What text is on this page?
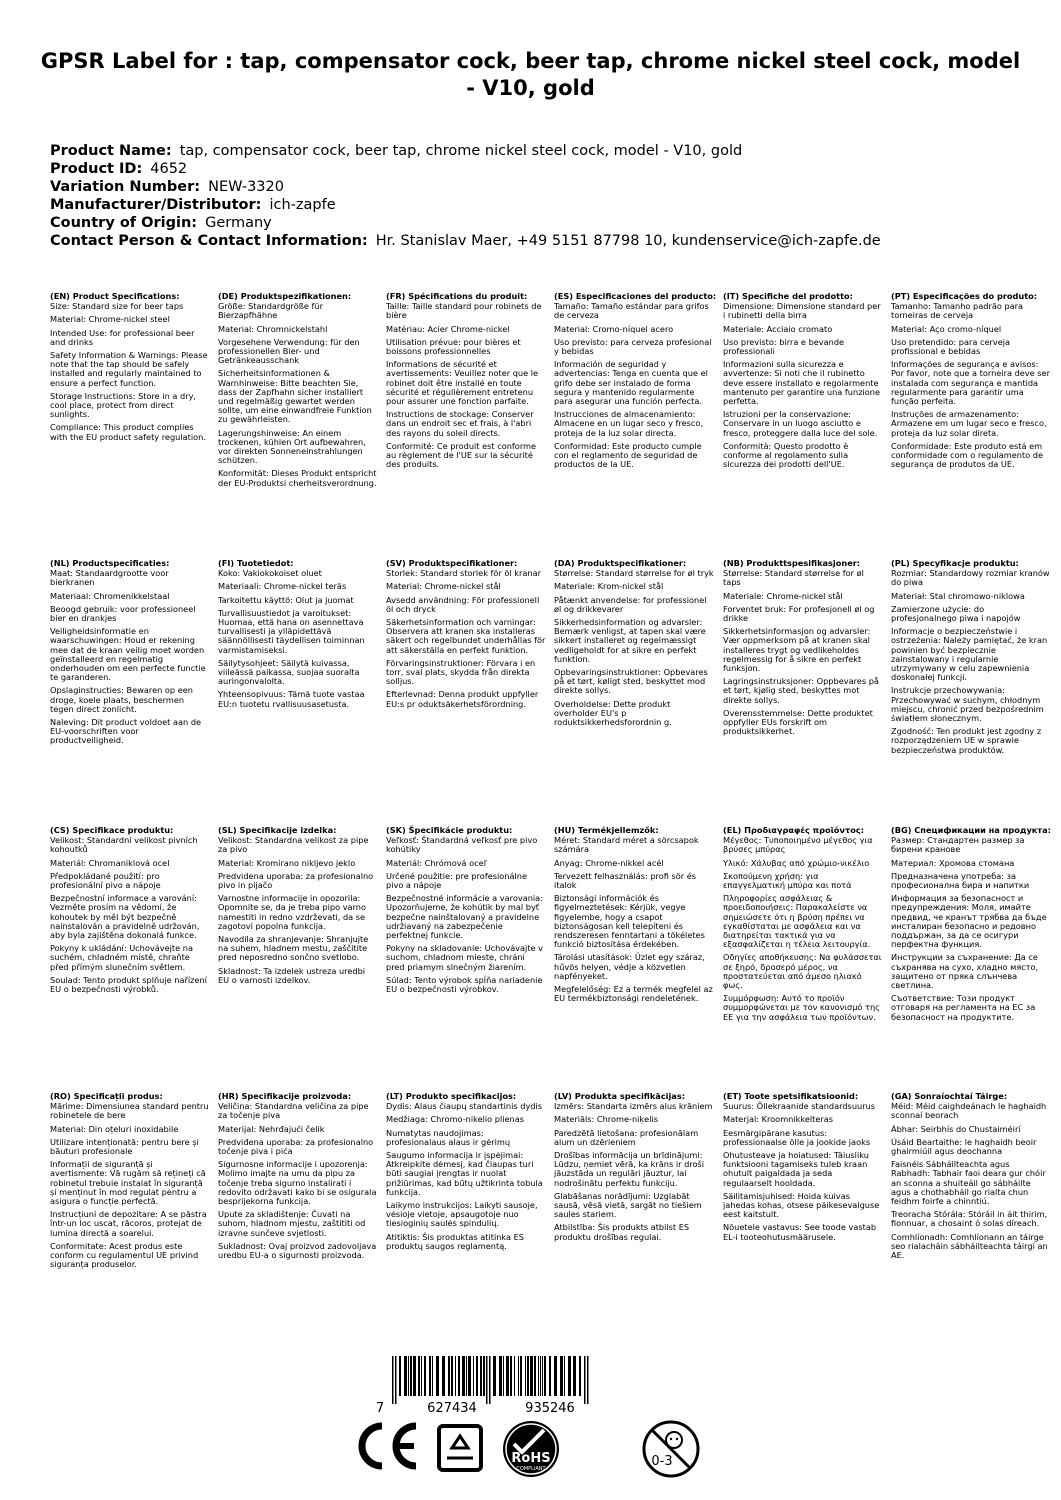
GPSR Label for : tap, compensator cock, beer tap, chrome nickel steel cock, model - V10, gold
Product Name: tap, compensator cock, beer tap, chrome nickel steel cock, model - V10, gold
Product ID: 4652
Variation Number: NEW-3320
Manufacturer/Distributor: ich-zapfe
Country of Origin: Germany
Contact Person & Contact Information: Hr. Stanislav Maer, +49 5151 87798 10, kundenservice@ich-zapfe.de
(EN) Product Specifications:
Size: Standard size for beer taps
Material: Chrome-nickel steel
Intended Use: for professional beer and drinks
Safety Information & Warnings: Please note that the tap should be safely installed and regularly maintained to ensure a perfect function.
Storage Instructions: Store in a dry, cool place, protect from direct sunlights.
Compliance: This product complies with the EU product safety regulation.
(DE) Produktspezifikationen:
Größe: Standardgröße für Bierzapfhähne
Material: Chromnickelstahl
Vorgesehene Verwendung: für den professionellen Bier- und Getränkeausschank
Sicherheitsinformationen & Warnhinweise: Bitte beachten Sie, dass der Zapfhahn sicher installiert und regelmäßig gewartet werden sollte, um eine einwandfreie Funktion zu gewährleisten.
Lagerungshinweise: An einem trockenen, kühlen Ort aufbewahren, vor direkten Sonneneinstrahlungen schützen.
Konformität: Dieses Produkt entspricht der EU-Produktsi cherheitsverordnung.
(FR) Spécifications du produit:
Taille: Taille standard pour robinets de bière
Matériau: Acier Chrome-nickel
Utilisation prévue: pour bières et boissons professionnelles
Informations de sécurité et avertissements: Veuillez noter que le robinet doit être installé en toute sécurité et régulièrement entretenu pour assurer une fonction parfaite.
Instructions de stockage: Conserver dans un endroit sec et frais, à l'abri des rayons du soleil directs.
Conformité: Ce produit est conforme au règlement de l'UE sur la sécurité des produits.
(ES) Especificaciones del producto:
Tamaño: Tamaño estándar para grifos de cerveza
Material: Cromo-níquel acero
Uso previsto: para cerveza profesional y bebidas
Información de seguridad y advertencias: Tenga en cuenta que el grifo debe ser instalado de forma segura y mantenido regularmente para asegurar una función perfecta.
Instrucciones de almacenamiento: Almacene en un lugar seco y fresco, proteja de la luz solar directa.
Conformidad: Este producto cumple con el reglamento de seguridad de productos de la UE.
(IT) Specifiche del prodotto:
Dimensione: Dimensione standard per i rubinetti della birra
Materiale: Acciaio cromato
Uso previsto: birra e bevande professionali
Informazioni sulla sicurezza e avvertenze: Si noti che il rubinetto deve essere installato e regolarmente mantenuto per garantire una funzione perfetta.
Istruzioni per la conservazione: Conservare in un luogo asciutto e fresco, proteggere dalla luce del sole.
Conformità: Questo prodotto è conforme al regolamento sulla sicurezza dei prodotti dell'UE.
(PT) Especificações do produto:
Tamanho: Tamanho padrão para torneiras de cerveja
Material: Aço cromo-níquel
Uso pretendido: para cerveja profissional e bebidas
Informações de segurança e avisos: Por favor, note que a torneira deve ser instalada com segurança e mantida regularmente para garantir uma função perfeita.
Instruções de armazenamento: Armazene em um lugar seco e fresco, proteja da luz solar direta.
Conformidade: Este produto está em conformidade com o regulamento de segurança de produtos da UE.
(NL) Productspecificaties:
Maat: Standaardgrootte voor bierkranen
Materiaal: Chromenikkelstaal
Beoogd gebruik: voor professioneel bier en drankjes
Veiligheidsinformatie en waarschuwingen: Houd er rekening mee dat de kraan veilig moet worden geïnstalleerd en regelmatig onderhouden om een perfecte functie te garanderen.
Opslaginstructies: Bewaren op een droge, koele plaats, beschermen tegen direct zonlicht.
Naleving: Dit product voldoet aan de EU-voorschriften voor productveiligheid.
(FI) Tuotetiedot:
Koko: Vakiokokoiset oluet
Materiaali: Chrome-nickel teräs
Tarkoitettu käyttö: Olut ja juomat
Turvallisuustiedot ja varoitukset: Huomaa, että hana on asennettava turvallisesti ja ylläpidettävä säännöllisesti täydellisen toiminnan varmistamiseksi.
Säilytysohjeet: Säilytä kuivassa, viileässä paikassa, suojaa suoralta auringonvalolta.
Yhteensopivuus: Tämä tuote vastaa EU:n tuotetu rvallisuusasetusta.
(SV) Produktspecifikationer:
Storlek: Standard storlek för öl kranar
Material: Chrome-nickel stål
Avsedd användning: För professionell öl och dryck
Säkerhetsinformation och varningar: Observera att kranen ska installeras säkert och regelbundet underhållas för att säkerställa en perfekt funktion.
Förvaringsinstruktioner: Förvara i en torr, sval plats, skydda från direkta solljus.
Efterlevnad: Denna produkt uppfyller EU:s pr oduktsäkerhetsförordning.
(DA) Produktspecifikationer:
Størrelse: Standard størrelse for øl tryk
Materiale: Krom-nickel stål
Påtænkt anvendelse: for professionel øl og drikkevarer
Sikkerhedsinformation og advarsler: Bemærk venligst, at tapen skal være sikkert installeret og regelmæssigt vedligeholdt for at sikre en perfekt funktion.
Opbevaringsinstruktioner: Opbevares på et tørt, køligt sted, beskyttet mod direkte sollys.
Overholdelse: Dette produkt overholder EU's p roduktsikkerhedsforordnin g.
(NB) Produkttspesifikasjoner:
Størrelse: Standard størrelse for øl taps
Materiale: Chrome-nickel stål
Forventet bruk: For profesjonell øl og drikke
Sikkerhetsinformasjon og advarsler: Vær oppmerksom på at kranen skal installeres trygt og vedlikeholdes regelmessig for å sikre en perfekt funksjon.
Lagringsinstruksjoner: Oppbevares på et tørt, kjølig sted, beskyttes mot direkte sollys.
Overensstemmelse: Dette produktet oppfyller EUs forskrift om produktsikkerhet.
(PL) Specyfikacje produktu:
Rozmiar: Standardowy rozmiar kranów do piwa
Materiał: Stal chromowo-niklowa
Zamierzone użycie: do profesjonalnego piwa i napojów
Informacje o bezpieczeństwie i ostrzeżenia: Należy pamiętać, że kran powinien być bezpiecznie zainstalowany i regularnie utrzymywany w celu zapewnienia doskonałej funkcji.
Instrukcje przechowywania: Przechowywać w suchym, chłodnym miejscu, chronić przed bezpośrednim światłem słonecznym.
Zgodność: Ten produkt jest zgodny z rozporządzeniem UE w sprawie bezpieczeństwa produktów.
(CS) Specifikace produktu:
Velikost: Standardní velikost pivních kohoutků
Materiál: Chromaniklová ocel
Předpokládané použití: pro profesionální pivo a nápoje
Bezpečnostní informace a varování: Vezměte prosím na vědomí, že kohoutek by měl být bezpečně nainstalován a pravidelně udržován, aby byla zajištěna dokonalá funkce.
Pokyny k ukládání: Uchovávejte na suchém, chladném místě, chraňte před přímým slunečním světlem.
Soulad: Tento produkt splňuje nařízení EU o bezpečnosti výrobků.
(SL) Specifikacije izdelka:
Velikost: Standardna velikost za pipe za pivo
Material: Kromirano nikljevo jeklo
Predvidena uporaba: za profesionalno pivo in pijačo
Varnostne informacije in opozorila: Opomnite se, da je treba pipo varno namestiti in redno vzdrževati, da se zagotovi popolna funkcija.
Navodila za shranjevanje: Shranjujte na suhem, hladnem mestu, zaščitite pred neposredno sončno svetlobo.
Skladnost: Ta izdelek ustreza uredbi EU o varnosti izdelkov.
(SK) Špecifikácie produktu:
Veľkosť: Štandardná veľkosť pre pivo kohútiky
Materiál: Chrómová oceľ
Určené použitie: pre profesionálne pivo a nápoje
Bezpečnostné informácie a varovania: Upozorňujeme, že kohútik by mal byť bezpečne nainštalovaný a pravidelne udržiavaný na zabezpečenie perfektnej funkcie.
Pokyny na skladovanie: Uchovávajte v suchom, chladnom mieste, chráni pred priamym slnečným žiarením.
Súlad: Tento výrobok spĺňa nariadenie EU o bezpečnosti výrobkov.
(HU) Termékjellemzők:
Méret: Standard méret a sörcsapok számára
Anyag: Chrome-nikkel acél
Tervezett felhasználás: profi sör és italok
Biztonsági információk és figyelmeztetések: Kérjük, vegye figyelembe, hogy a csapot biztonságosan kell telepíteni és rendszeresen fenntartani a tökéletes funkció biztosítása érdekében.
Tárolási utasítások: Üzlet egy száraz, hűvös helyen, védje a közvetlen napfényeket.
Megfelelőség: Ez a termék megfelel az EU termékbiztonsági rendeletének.
(EL) Προδιαγραφές προϊόντος:
Μέγεθος: Τυποποιημένο μέγεθος για βρύσες μπύρας
Υλικό: Χάλυβας από χρώμιο-νικέλιο
Σκοπούμενη χρήση: για επαγγελματική μπύρα και ποτά
Πληροφορίες ασφάλειας & προειδοποιήσεις: Παρακαλείστε να σημειώσετε ότι η βρύση πρέπει να εγκαθίσταται με ασφάλεια και να διατηρείται τακτικά για να εξασφαλίζεται η τέλεια λειτουργία.
Οδηγίες αποθήκευσης: Να φυλάσσεται σε ξηρό, δροσερό μέρος, να προστατεύεται από άμεσο ηλιακό φως.
Συμμόρφωση: Αυτό το προϊόν συμμορφώνεται με τον κανονισμό της ΕΕ για την ασφάλεια των προϊόντων.
(BG) Спецификации на продукта:
Размер: Стандартен размер за бирени кранове
Материал: Хромова стомана
Предназначена употреба: за професионална бира и напитки
Информация за безопасност и предупреждения: Моля, имайте предвид, че кранът трябва да бъде инсталиран безопасно и редовно поддържан, за да се осигури перфектна функция.
Инструкции за съхранение: Да се съхранява на сухо, хладно място, защитено от пряка слънчева светлина.
Съответствие: Този продукт отговаря на регламента на ЕС за безопасност на продуктите.
(RO) Specificații produs:
Mărime: Dimensiunea standard pentru robinetele de bere
Material: Din oțeluri inoxidabile
Utilizare intenționată: pentru bere și băuturi profesionale
Informații de siguranță și avertismente: Vă rugăm să rețineți că robinetul trebuie instalat în siguranță și menținut în mod regulat pentru a asigura o funcție perfectă.
Instrucțiuni de depozitare: A se păstra într-un loc uscat, răcoros, protejat de lumina directă a soarelui.
Conformitate: Acest produs este conform cu regulamentul UE privind siguranța produselor.
(HR) Specifikacije proizvoda:
Veličina: Standardna veličina za pipe za točenje piva
Materijal: Nehrđajući čelik
Predviđena uporaba: za profesionalno točenje piva i pića
Sigurnosne informacije i upozorenja: Molimo imajte na umu da pipu za točenje treba sigurno instalirati i redovito održavati kako bi se osigurala besprijekorna funkcija.
Upute za skladištenje: Čuvati na suhom, hladnom mjestu, zaštititi od izravne sunčeve svjetlosti.
Sukladnost: Ovaj proizvod zadovoljava uredbu EU-a o sigurnosti proizvoda.
(LT) Produkto specifikacijos:
Dydis: Alaus čiaupų standartinis dydis
Medžiaga: Chromo-nikelio plienas
Numatytas naudojimas: profesionalaus alaus ir gėrimų
Saugumo informacija ir įspėjimai: Atkreipkite dėmesį, kad čiaupas turi būti saugiai įrengtas ir nuolat prižiūrimas, kad būtų užtikrinta tobula funkcija.
Laikymo instrukcijos: Laikyti sausoje, vėsioje vietoje, apsaugotoje nuo tiesioginių saulės spindulių.
Atitiktis: Šis produktas atitinka ES produktų saugos reglamentą.
(LV) Produkta specifikācijas:
Izmērs: Standarta izmērs alus krāniem
Materiāls: Chrome-niķelis
Paredzētā lietošana: profesionālam alum un dzērieniem
Drošības informācija un brīdinājumi: Lūdzu, ņemiet vērā, ka krāns ir droši jāuzstāda un regulāri jāuztur, lai nodrošinātu perfektu funkciju.
Glabāšanas norādījumi: Uzglabāt sausā, vēsā vietā, sargāt no tiešiem saules stariem.
Atbilstība: Šis produkts atbilst ES produktu drošības regulai.
(ET) Toote spetsifikatsioonid:
Suurus: Õllekraanide standardsuurus
Materjal: Kroomnikkelteras
Eesmärgipärane kasutus: professionaalse õlle ja jookide jaoks
Ohutusteave ja hoiatused: Täiusliku funktsiooni tagamiseks tuleb kraan ohutult paigaldada ja seda regulaarselt hooldada.
Säilitamisjuhised: Hoida kuivas jahedas kohas, otsese päikesevalguse eest kaitstult.
Nõuetele vastavus: See toode vastab EL-i tooteohutusmäärusele.
(GA) Sonraíochtaí Táirge:
Méid: Méid caighdeánach le haghaidh sconnaí beorach
Ábhar: Seirbhís do Chustaiméirí
Úsáid Beartaithe: le haghaidh beoir ghairmiúil agus deochanna
Faisnéis Sábháilteachta agus Rabhadh: Tabhair faoi deara gur chóir an sconna a shuiteáil go sábháilte agus a chothabháil go rialta chun feidhm foirfe a chinntiú.
Treoracha Stórála: Stóráil in áit thirim, fionnuar, a chosaint ó solas díreach.
Comhlíonadh: Comhlíonann an táirge seo rialacháin sábháilteachta táirgí an AE.
7	627434	935246
RoHS
COMPLIANT	0-3
